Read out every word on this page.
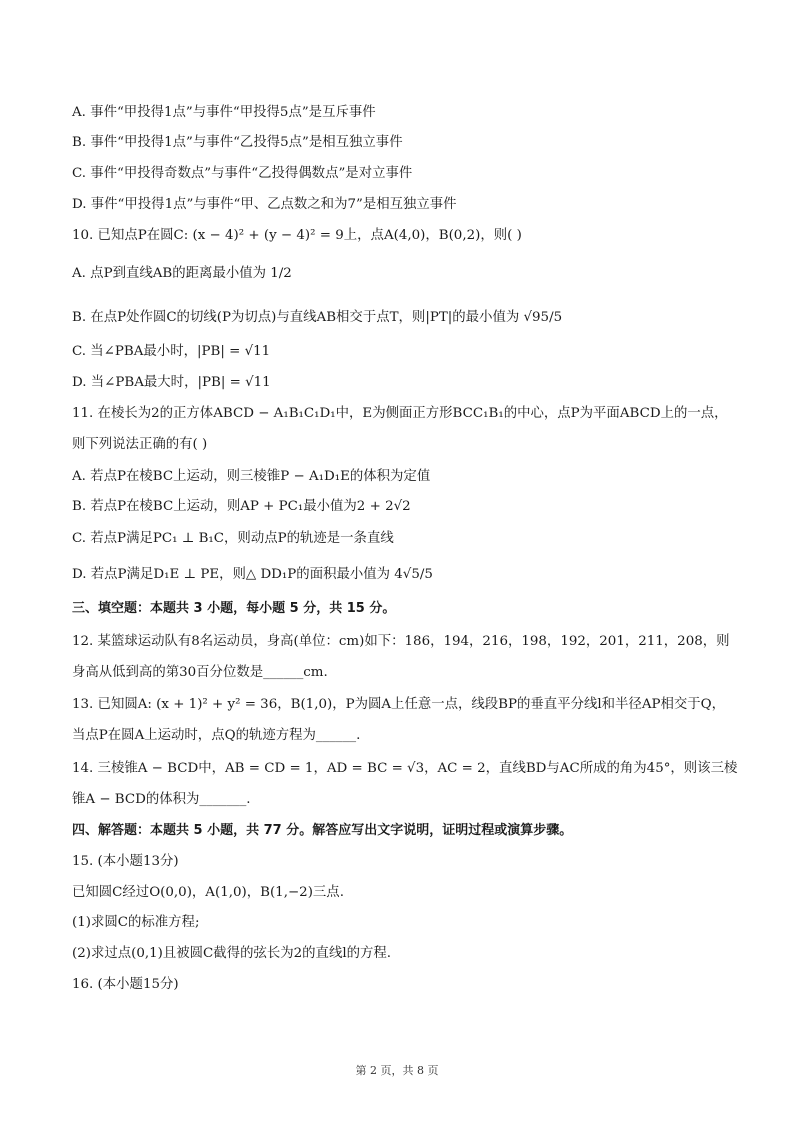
A. 事件“甲投得1点”与事件“甲投得5点”是互斥事件
B. 事件“甲投得1点”与事件“乙投得5点”是相互独立事件
C. 事件“甲投得奇数点”与事件“乙投得偶数点”是对立事件
D. 事件“甲投得1点”与事件“甲、乙点数之和为7”是相互独立事件
10. 已知点P在圆C: (x − 4)² + (y − 4)² = 9上，点A(4,0)，B(0,2)，则( )
A. 点P到直线AB的距离最小值为 1/2
B. 在点P处作圆C的切线(P为切点)与直线AB相交于点T，则|PT|的最小值为 √95/5
C. 当∠PBA最小时，|PB| = √11
D. 当∠PBA最大时，|PB| = √11
11. 在棱长为2的正方体ABCD − A₁B₁C₁D₁中，E为侧面正方形BCC₁B₁的中心，点P为平面ABCD上的一点，
则下列说法正确的有( )
A. 若点P在棱BC上运动，则三棱锥P − A₁D₁E的体积为定值
B. 若点P在棱BC上运动，则AP + PC₁最小值为2 + 2√2
C. 若点P满足PC₁ ⊥ B₁C，则动点P的轨迹是一条直线
D. 若点P满足D₁E ⊥ PE，则△ DD₁P的面积最小值为 4√5/5
三、填空题：本题共 3 小题，每小题 5 分，共 15 分。
12. 某篮球运动队有8名运动员，身高(单位：cm)如下：186，194，216，198，192，201，211，208，则
身高从低到高的第30百分位数是______cm.
13. 已知圆A: (x + 1)² + y² = 36，B(1,0)，P为圆A上任意一点，线段BP的垂直平分线l和半径AP相交于Q，
当点P在圆A上运动时，点Q的轨迹方程为______.
14. 三棱锥A − BCD中，AB = CD = 1，AD = BC = √3，AC = 2，直线BD与AC所成的角为45°，则该三棱
锥A − BCD的体积为_______.
四、解答题：本题共 5 小题，共 77 分。解答应写出文字说明，证明过程或演算步骤。
15. (本小题13分)
已知圆C经过O(0,0)，A(1,0)，B(1,−2)三点.
(1)求圆C的标准方程;
(2)求过点(0,1)且被圆C截得的弦长为2的直线l的方程.
16. (本小题15分)
第 2 页，共 8 页
